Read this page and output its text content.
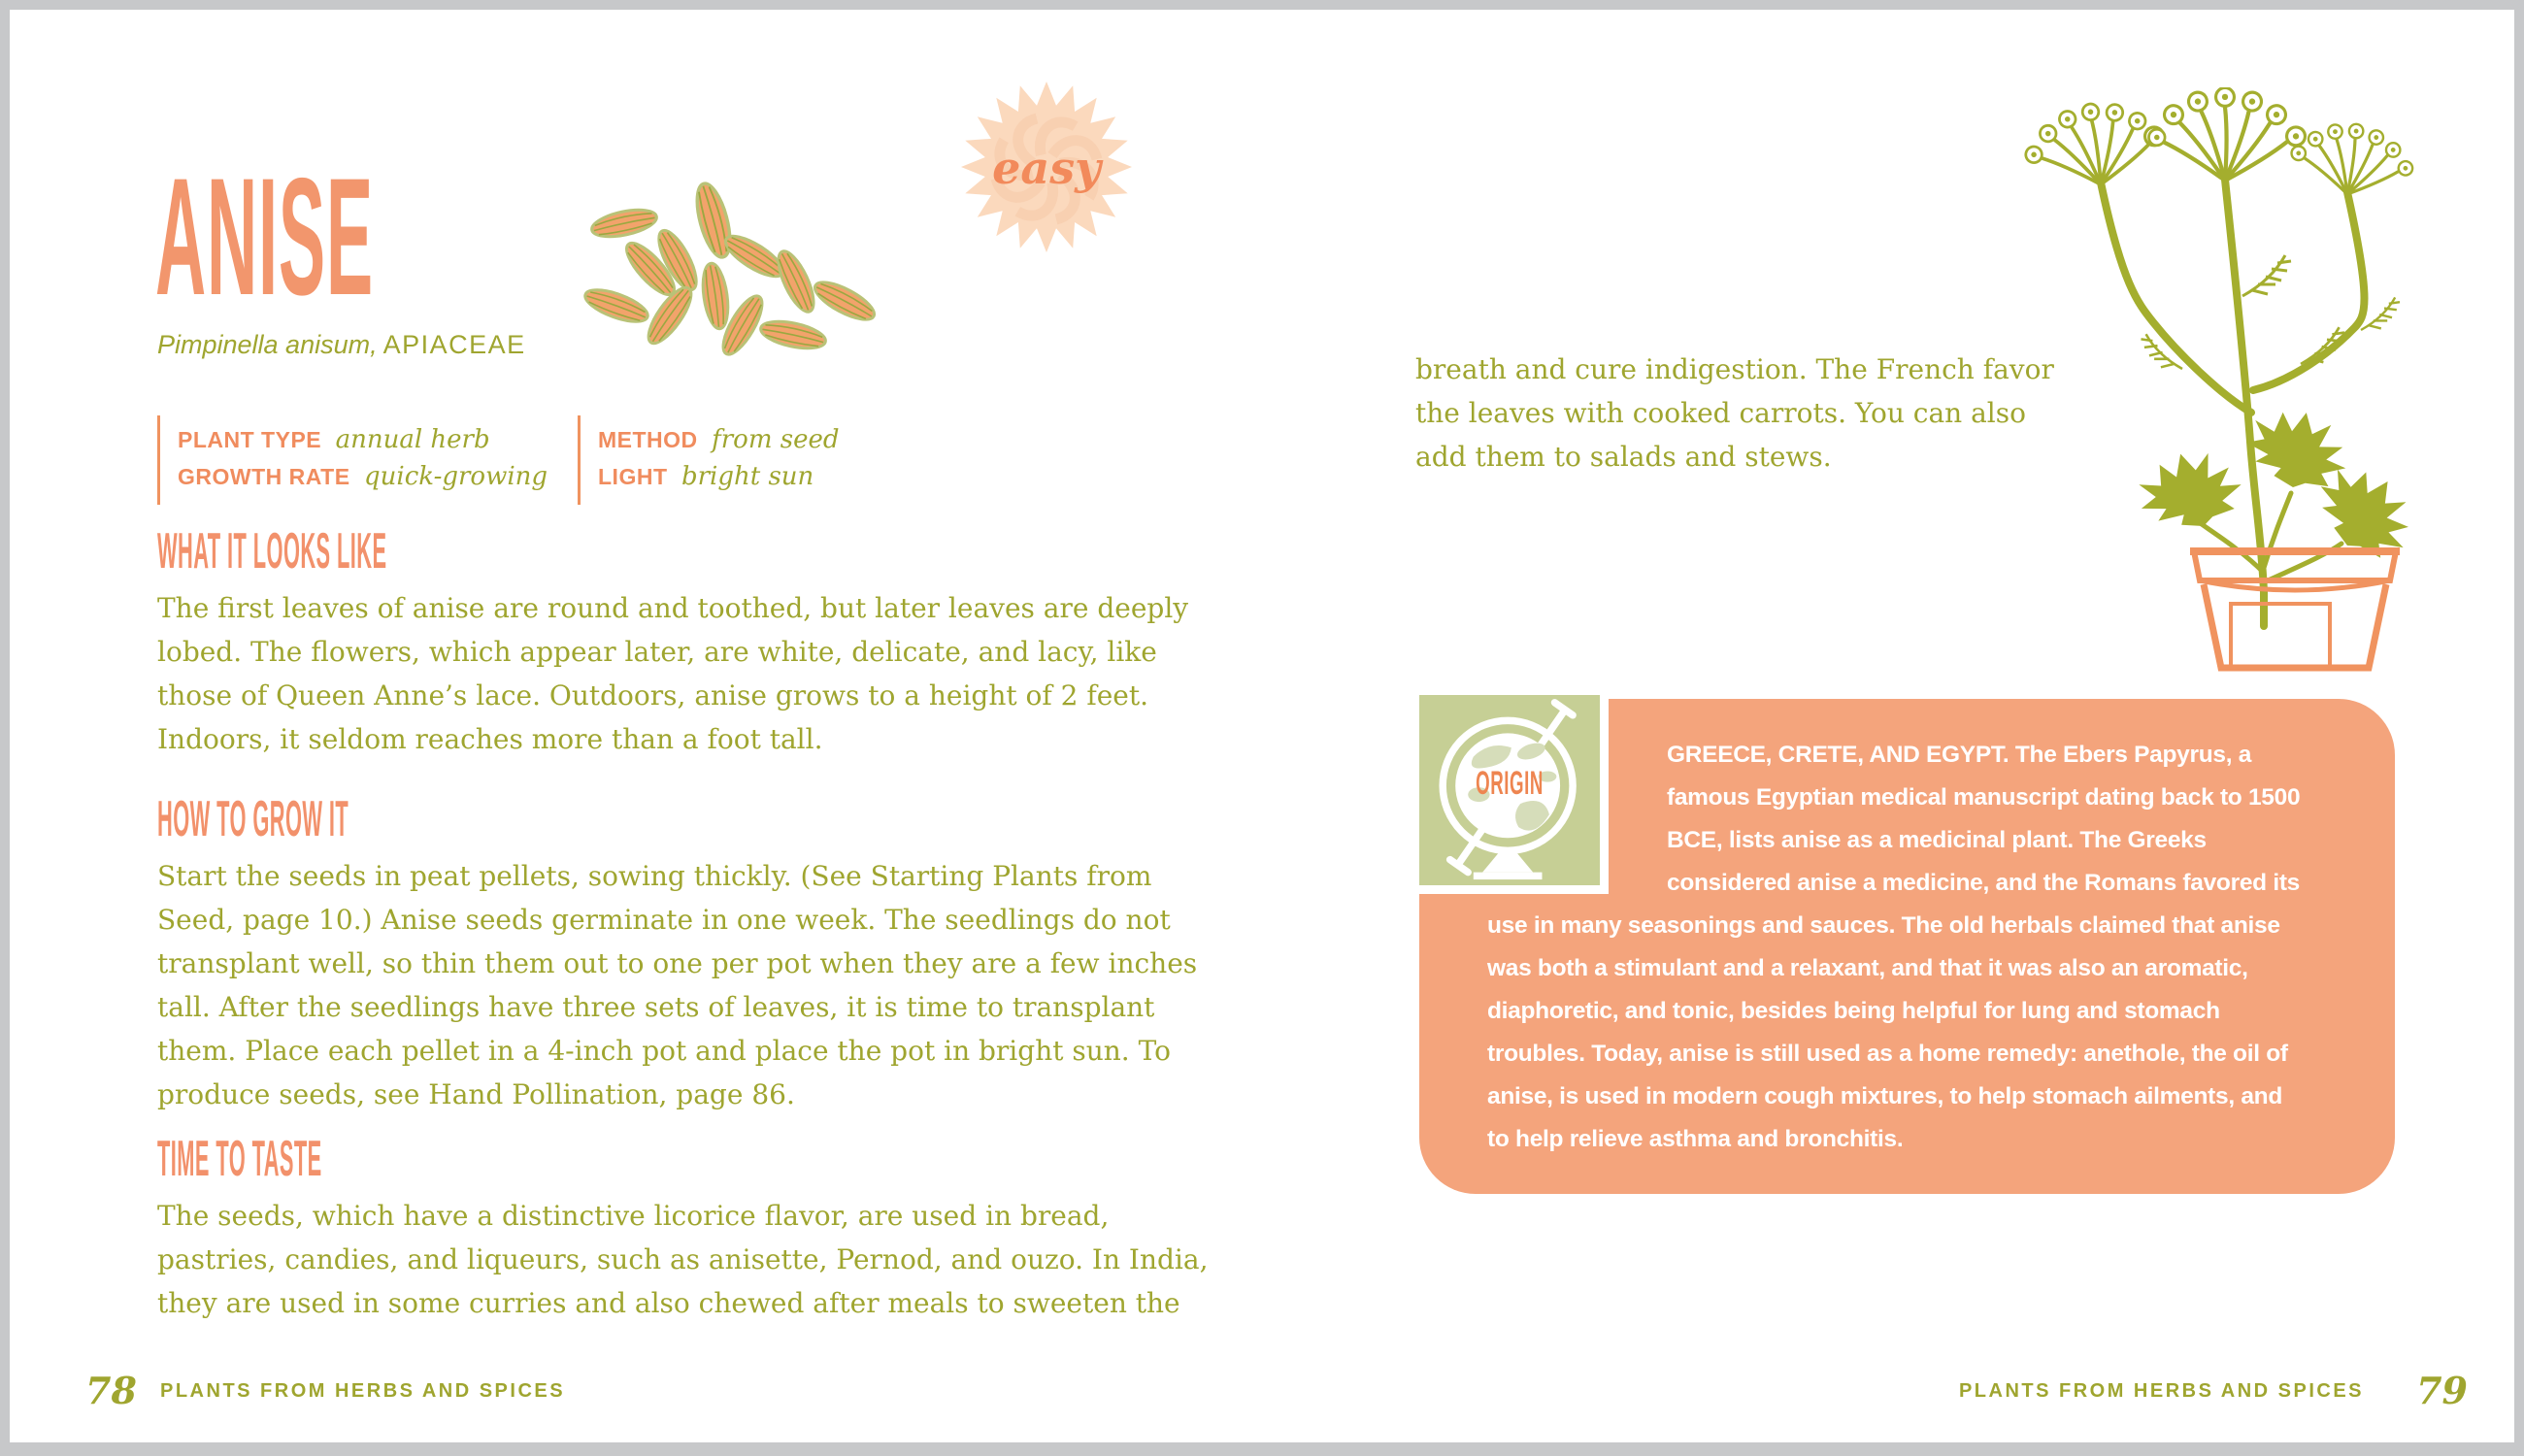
ANISE
Pimpinella anisum, APIACEAE
easy
PLANT TYPE annual herb
GROWTH RATE quick-growing
METHOD from seed
LIGHT bright sun
WHAT IT LOOKS LIKE
The first leaves of anise are round and toothed, but later leaves are deeply lobed. The flowers, which appear later, are white, delicate, and lacy, like those of Queen Anne’s lace. Outdoors, anise grows to a height of 2 feet. Indoors, it seldom reaches more than a foot tall.
HOW TO GROW IT
Start the seeds in peat pellets, sowing thickly. (See Starting Plants from Seed, page 10.) Anise seeds germinate in one week. The seedlings do not transplant well, so thin them out to one per pot when they are a few inches tall. After the seedlings have three sets of leaves, it is time to transplant them. Place each pellet in a 4-inch pot and place the pot in bright sun. To produce seeds, see Hand Pollination, page 86.
TIME TO TASTE
The seeds, which have a distinctive licorice flavor, are used in bread, pastries, candies, and liqueurs, such as anisette, Pernod, and ouzo. In India, they are used in some curries and also chewed after meals to sweeten the
breath and cure indigestion. The French favor the leaves with cooked carrots. You can also add them to salads and stews.
ORIGIN
GREECE, CRETE, AND EGYPT. The Ebers Papyrus, a famous Egyptian medical manuscript dating back to 1500 BCE, lists anise as a medicinal plant. The Greeks considered anise a medicine, and the Romans favored its use in many seasonings and sauces. The old herbals claimed that anise was both a stimulant and a relaxant, and that it was also an aromatic, diaphoretic, and tonic, besides being helpful for lung and stomach troubles. Today, anise is still used as a home remedy: anethole, the oil of anise, is used in modern cough mixtures, to help stomach ailments, and to help relieve asthma and bronchitis.
78 PLANTS FROM HERBS AND SPICES	PLANTS FROM HERBS AND SPICES 79
